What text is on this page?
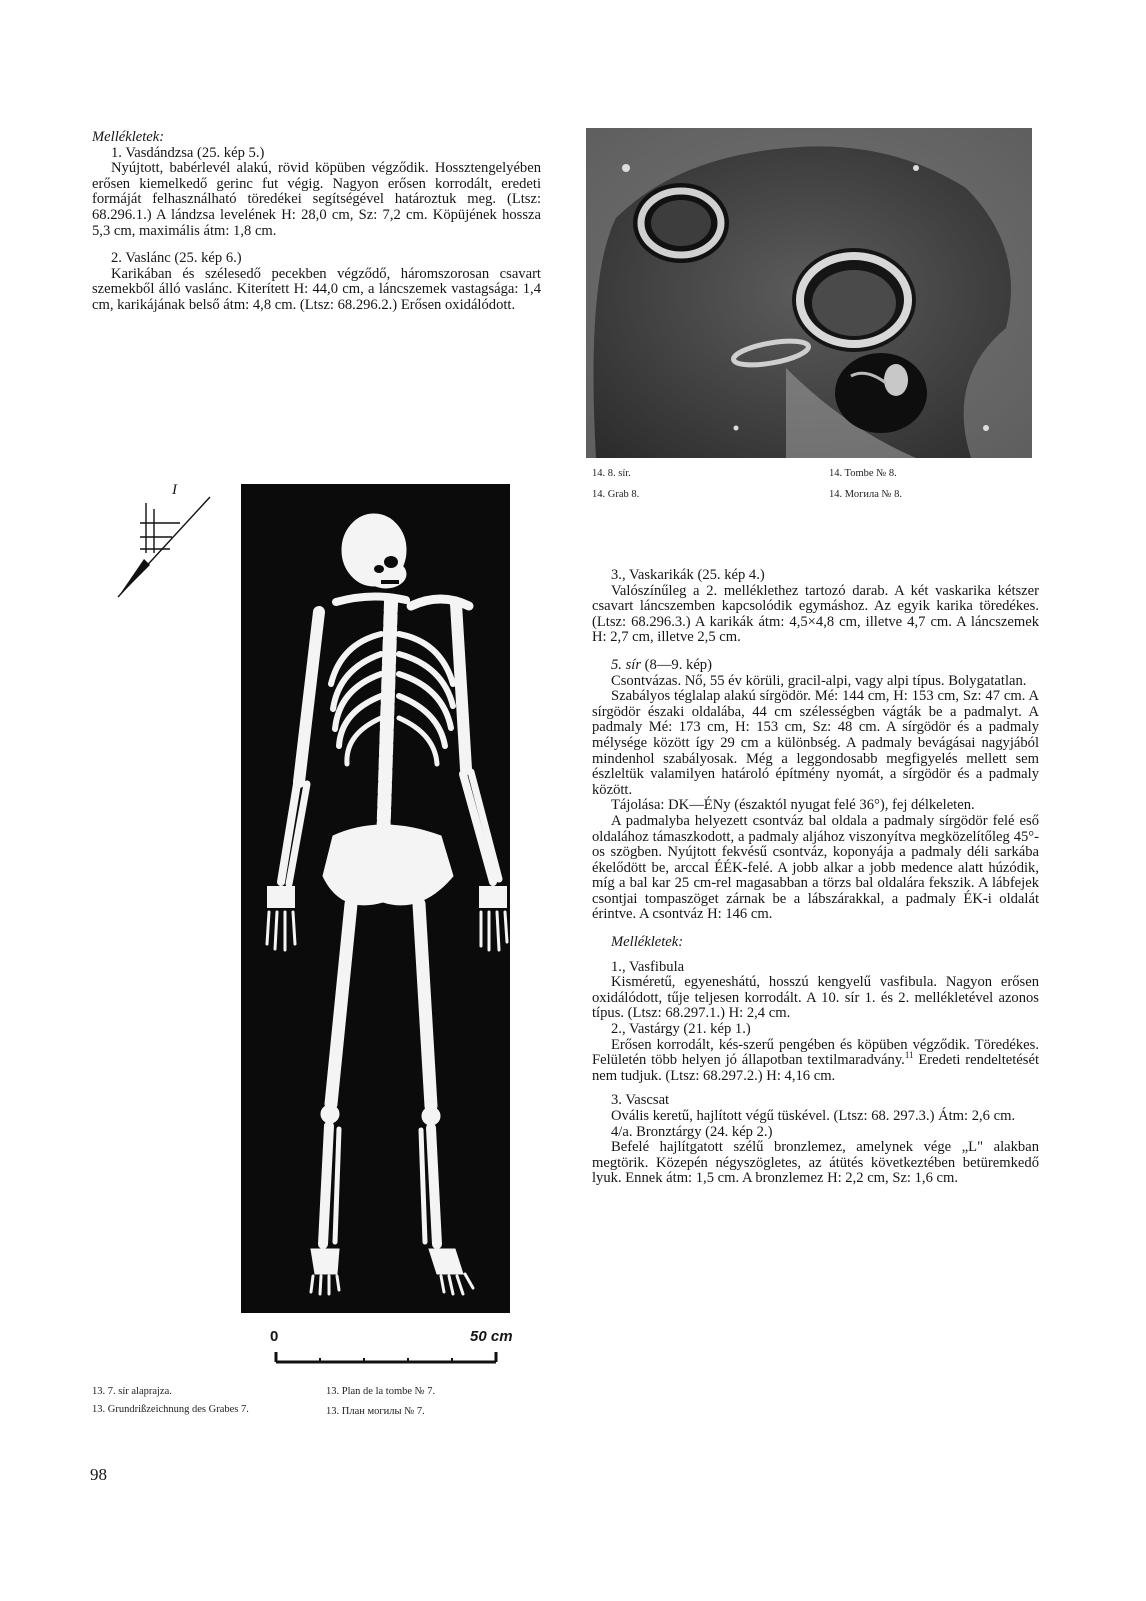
Mellékletek:

1. Vasdándzsa (25. kép 5.)

Nyújtott, babérlevél alakú, rövid köpüben végződik. Hossztengelyében erősen kiemelkedő gerinc fut végig. Nagyon erősen korrodált, eredeti formáját felhasználható töredékei segítségével határoztuk meg. (Ltsz: 68.296.1.) A lándzsa levelének H: 28,0 cm, Sz: 7,2 cm. Köpüjének hossza 5,3 cm, maximális átm: 1,8 cm.

2. Vaslánc (25. kép 6.)

Karikában és szélesedő pecekben végződő, háromszorosan csavart szemekből álló vaslánc. Kiterített H: 44,0 cm, a láncszemek vastagsága: 1,4 cm, karikájának belső átm: 4,8 cm. (Ltsz: 68.296.2.) Erősen oxidálódott.

14. 8. sír.
14. Grab 8.
14. Tombe № 8.
14. Могила № 8.
I
0	50 cm
13. 7. sír alaprajza.
13. Grundrißzeichnung des Grabes 7.
13. Plan de la tombe № 7.
13. План могилы № 7.

3., Vaskarikák (25. kép 4.)

Valószínűleg a 2. melléklethez tartozó darab. A két vaskarika kétszer csavart láncszemben kapcsolódik egymáshoz. Az egyik karika töredékes. (Ltsz: 68.296.3.) A karikák átm: 4,5×4,8 cm, illetve 4,7 cm. A láncszemek H: 2,7 cm, illetve 2,5 cm.

5. sír (8—9. kép)

Csontvázas. Nő, 55 év körüli, gracil-alpi, vagy alpi típus. Bolygatatlan.

Szabályos téglalap alakú sírgödör. Mé: 144 cm, H: 153 cm, Sz: 47 cm. A sírgödör északi oldalába, 44 cm szélességben vágták be a padmalyt. A padmaly Mé: 173 cm, H: 153 cm, Sz: 48 cm. A sírgödör és a padmaly mélysége között így 29 cm a különbség. A padmaly bevágásai nagyjából mindenhol szabályosak. Még a leggondosabb megfigyelés mellett sem észleltük valamilyen határoló építmény nyomát, a sírgödör és a padmaly között.

Tájolása: DK—ÉNy (északtól nyugat felé 36°), fej délkeleten.

A padmalyba helyezett csontváz bal oldala a padmaly sírgödör felé eső oldalához támaszkodott, a padmaly aljához viszonyítva megközelítőleg 45°-os szögben. Nyújtott fekvésű csontváz, koponyája a padmaly déli sarkába ékelődött be, arccal ÉÉK-felé. A jobb alkar a jobb medence alatt húzódik, míg a bal kar 25 cm-rel magasabban a törzs bal oldalára fekszik. A lábfejek csontjai tompaszöget zárnak be a lábszárakkal, a padmaly ÉK-i oldalát érintve. A csontváz H: 146 cm.

Mellékletek:

1., Vasfibula

Kisméretű, egyeneshátú, hosszú kengyelű vasfibula. Nagyon erősen oxidálódott, tűje teljesen korrodált. A 10. sír 1. és 2. mellékletével azonos típus. (Ltsz: 68.297.1.) H: 2,4 cm.

2., Vastárgy (21. kép 1.)

Erősen korrodált, kés-szerű pengében és köpüben végződik. Töredékes. Felületén több helyen jó állapotban textilmaradvány.$^{11}$ Eredeti rendeltetését nem tudjuk. (Ltsz: 68.297.2.) H: 4,16 cm.

3. Vascsat

Ovális keretű, hajlított végű tüskével. (Ltsz: 68. 297.3.) Átm: 2,6 cm.

4/a. Bronztárgy (24. kép 2.)

Befelé hajlítgatott szélű bronzlemez, amelynek vége „L" alakban megtörik. Közepén négyszögletes, az átütés következtében betüremkedő lyuk. Ennek átm: 1,5 cm. A bronzlemez H: 2,2 cm, Sz: 1,6 cm.

98
